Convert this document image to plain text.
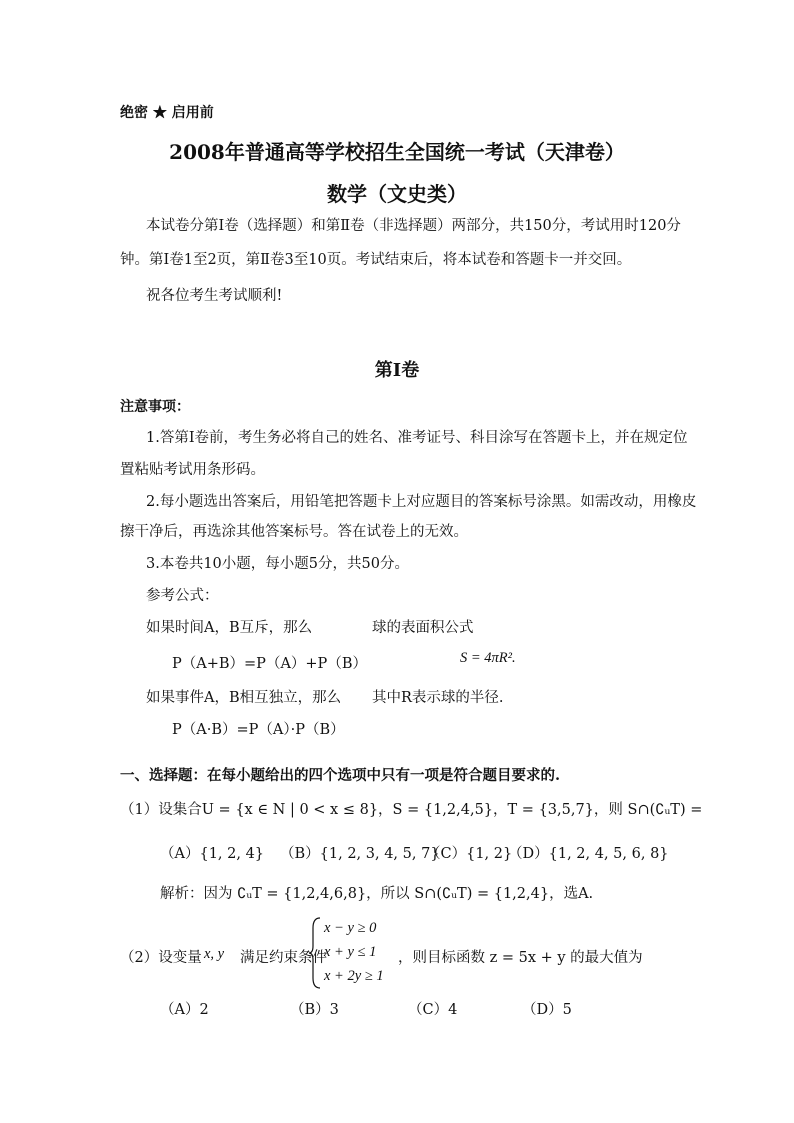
绝密 ★ 启用前
2008年普通高等学校招生全国统一考试（天津卷）
数学（文史类）
本试卷分第Ⅰ卷（选择题）和第Ⅱ卷（非选择题）两部分，共150分，考试用时120分
钟。第Ⅰ卷1至2页，第Ⅱ卷3至10页。考试结束后，将本试卷和答题卡一并交回。
祝各位考生考试顺利!
第Ⅰ卷
注意事项：
1.答第Ⅰ卷前，考生务必将自己的姓名、准考证号、科目涂写在答题卡上，并在规定位
置粘贴考试用条形码。
2.每小题选出答案后，用铅笔把答题卡上对应题目的答案标号涂黑。如需改动，用橡皮
擦干净后，再选涂其他答案标号。答在试卷上的无效。
3.本卷共10小题，每小题5分，共50分。
参考公式：
如果时间A，B互斥，那么	球的表面积公式
P（A+B）=P（A）+P（B）	S = 4πR².
如果事件A，B相互独立，那么 其中R表示球的半径.
P（A·B）=P（A）·P（B）
一、选择题：在每小题给出的四个选项中只有一项是符合题目要求的.
（1）设集合U = {x ∈ N | 0 < x ≤ 8}，S = {1,2,4,5}，T = {3,5,7}，则 S∩(∁ᵤT) =
（A）{1, 2, 4} （B）{1, 2, 3, 4, 5, 7}
（C）{1, 2}
（D）{1, 2, 4, 5, 6, 8}
解析：因为 ∁ᵤT = {1,2,4,6,8}，所以 S∩(∁ᵤT) = {1,2,4}，选A.
（2）设变量 x, y 满足约束条件
x − y ≥ 0
x + y ≤ 1
x + 2y ≥ 1
，则目标函数 z = 5x + y 的最大值为
（A）2	（B）3	（C）4	（D）5
